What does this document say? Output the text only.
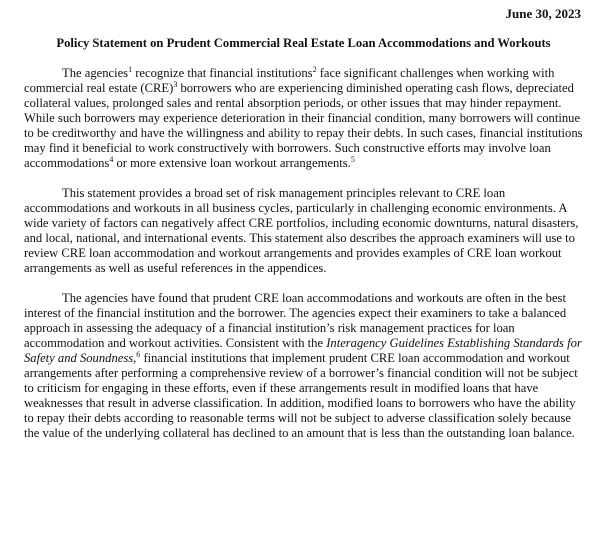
June 30, 2023
Policy Statement on Prudent Commercial Real Estate Loan Accommodations and Workouts

The agencies$^1$ recognize that financial institutions$^2$ face significant challenges when working with commercial real estate (CRE)$^3$ borrowers who are experiencing diminished operating cash flows, depreciated collateral values, prolonged sales and rental absorption periods, or other issues that may hinder repayment. While such borrowers may experience deterioration in their financial condition, many borrowers will continue to be creditworthy and have the willingness and ability to repay their debts. In such cases, financial institutions may find it beneficial to work constructively with borrowers. Such constructive efforts may involve loan accommodations$^4$ or more extensive loan workout arrangements.$^5$

This statement provides a broad set of risk management principles relevant to CRE loan accommodations and workouts in all business cycles, particularly in challenging economic environments. A wide variety of factors can negatively affect CRE portfolios, including economic downturns, natural disasters, and local, national, and international events. This statement also describes the approach examiners will use to review CRE loan accommodation and workout arrangements and provides examples of CRE loan workout arrangements as well as useful references in the appendices.

The agencies have found that prudent CRE loan accommodations and workouts are often in the best interest of the financial institution and the borrower. The agencies expect their examiners to take a balanced approach in assessing the adequacy of a financial institution’s risk management practices for loan accommodation and workout activities. Consistent with the Interagency Guidelines Establishing Standards for Safety and Soundness,$^6$ financial institutions that implement prudent CRE loan accommodation and workout arrangements after performing a comprehensive review of a borrower’s financial condition will not be subject to criticism for engaging in these efforts, even if these arrangements result in modified loans that have weaknesses that result in adverse classification. In addition, modified loans to borrowers who have the ability to repay their debts according to reasonable terms will not be subject to adverse classification solely because the value of the underlying collateral has declined to an amount that is less than the outstanding loan balance.
